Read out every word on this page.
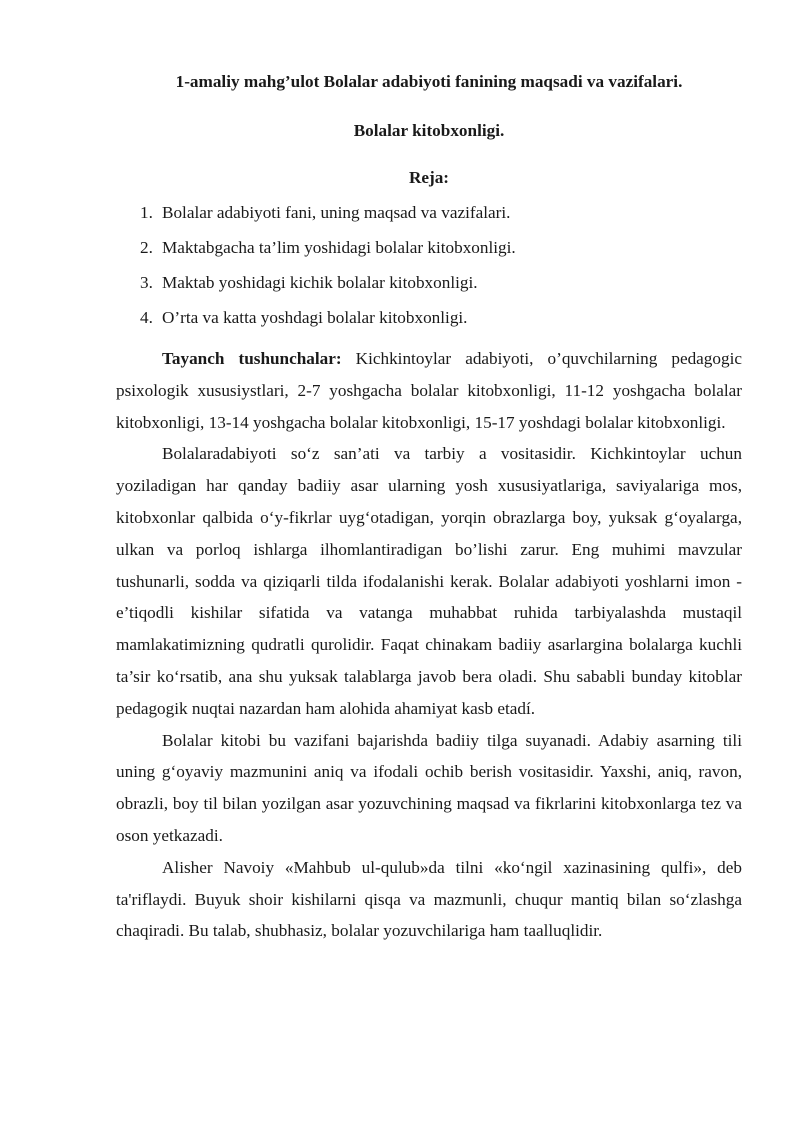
1-amaliy mahg’ulot Bolalar adabiyoti fanining maqsadi va vazifalari.

Bolalar kitobxonligi.

Reja:

1. Bolalar adabiyoti fani, uning maqsad va vazifalari.
2. Maktabgacha ta’lim yoshidagi bolalar kitobxonligi.
3. Maktab yoshidagi kichik bolalar kitobxonligi.
4. O’rta va katta yoshdagi bolalar kitobxonligi.

Tayanch tushunchalar: Kichkintoylar adabiyoti, o’quvchilarning pedagogic psixologik xususiystlari, 2-7 yoshgacha bolalar kitobxonligi, 11-12 yoshgacha bolalar kitobxonligi, 13-14 yoshgacha bolalar kitobxonligi, 15-17 yoshdagi bolalar kitobxonligi.

Bolalaradabiyoti so‘z san’ati va tarbiy a vositasidir. Kichkintoylar uchun yoziladigan har qanday badiiy asar ularning yosh xususiyatlariga, saviyalariga mos, kitobxonlar qalbida o‘y-fikrlar uyg‘otadigan, yorqin obrazlarga boy, yuksak g‘oyalarga, ulkan va porloq ishlarga ilhomlantiradigan bo’lishi zarur. Eng muhimi mavzular tushunarli, sodda va qiziqarli tilda ifodalanishi kerak. Bolalar adabiyoti yoshlarni imon -e’tiqodli kishilar sifatida va vatanga muhabbat ruhida tarbiyalashda mustaqil mamlakatimizning qudratli qurolidir. Faqat chinakam badiiy asarlargina bolalarga kuchli ta’sir ko‘rsatib, ana shu yuksak talablarga javob bera oladi. Shu sababli bunday kitoblar pedagogik nuqtai nazardan ham alohida ahamiyat kasb etadí.

Bolalar kitobi bu vazifani bajarishda badiiy tilga suyanadi. Adabiy asarning tili uning g‘oyaviy mazmunini aniq va ifodali ochib berish vositasidir. Yaxshi, aniq, ravon, obrazli, boy til bilan yozilgan asar yozuvchining maqsad va fikrlarini kitobxonlarga tez va oson yetkazadi.

Alisher Navoiy «Mahbub ul-qulub»da tilni «ko‘ngil xazinasining qulfi», deb ta'riflaydi. Buyuk shoir kishilarni qisqa va mazmunli, chuqur mantiq bilan so‘zlashga chaqiradi. Bu talab, shubhasiz, bolalar yozuvchilariga ham taalluqlidir.
